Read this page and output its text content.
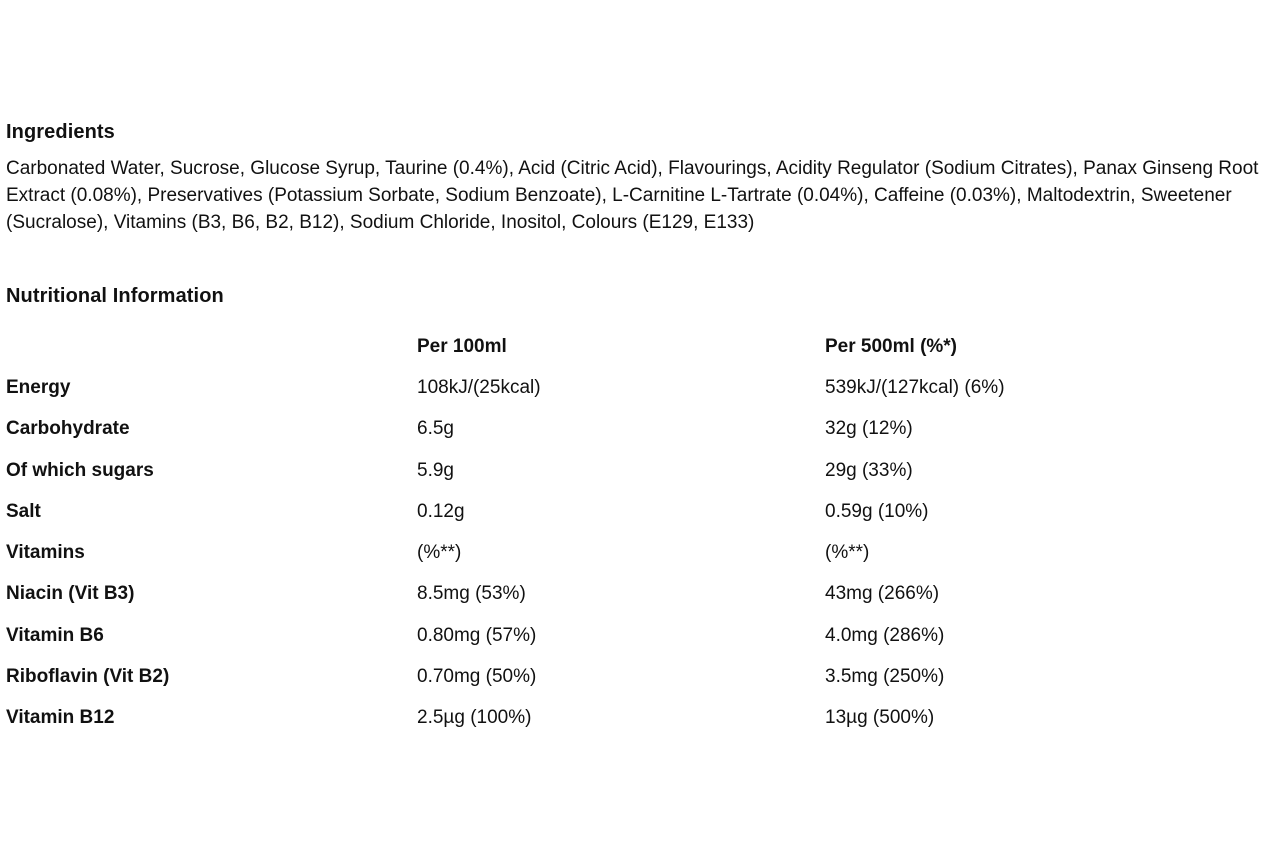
Ingredients

Carbonated Water, Sucrose, Glucose Syrup, Taurine (0.4%), Acid (Citric Acid), Flavourings, Acidity Regulator (Sodium Citrates), Panax Ginseng Root Extract (0.08%), Preservatives (Potassium Sorbate, Sodium Benzoate), L-Carnitine L-Tartrate (0.04%), Caffeine (0.03%), Maltodextrin, Sweetener (Sucralose), Vitamins (B3, B6, B2, B12), Sodium Chloride, Inositol, Colours (E129, E133)

Nutritional Information
	Per 100ml	Per 500ml (%*)
Energy	108kJ/(25kcal)	539kJ/(127kcal) (6%)
Carbohydrate	6.5g	32g (12%)
Of which sugars	5.9g	29g (33%)
Salt	0.12g	0.59g (10%)
Vitamins	(%**)	(%**)
Niacin (Vit B3)	8.5mg (53%)	43mg (266%)
Vitamin B6	0.80mg (57%)	4.0mg (286%)
Riboflavin (Vit B2)	0.70mg (50%)	3.5mg (250%)
Vitamin B12	2.5µg (100%)	13µg (500%)
